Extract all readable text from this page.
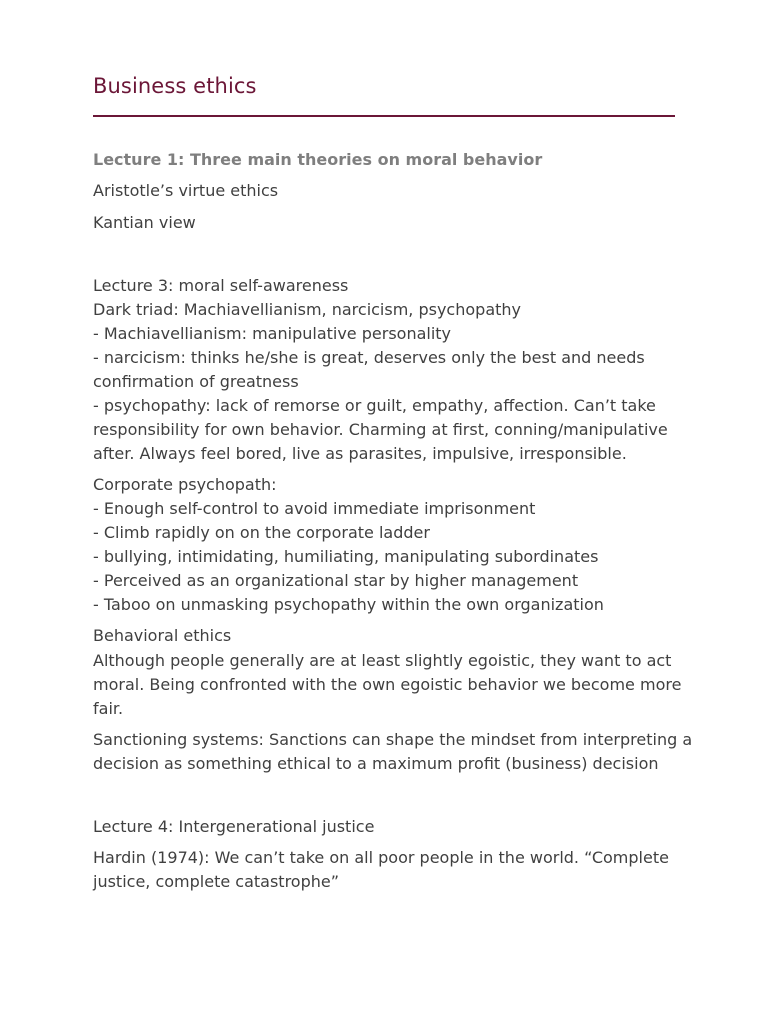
Business ethics
Lecture 1: Three main theories on moral behavior
Aristotle’s virtue ethics
Kantian view
Lecture 3: moral self-awareness
Dark triad: Machiavellianism, narcicism, psychopathy
- Machiavellianism: manipulative personality
- narcicism: thinks he/she is great, deserves only the best and needs
confirmation of greatness
- psychopathy: lack of remorse or guilt, empathy, affection. Can’t take
responsibility for own behavior. Charming at first, conning/manipulative
after. Always feel bored, live as parasites, impulsive, irresponsible.
Corporate psychopath:
- Enough self-control to avoid immediate imprisonment
- Climb rapidly on on the corporate ladder
- bullying, intimidating, humiliating, manipulating subordinates
- Perceived as an organizational star by higher management
- Taboo on unmasking psychopathy within the own organization
Behavioral ethics
Although people generally are at least slightly egoistic, they want to act
moral. Being confronted with the own egoistic behavior we become more
fair.
Sanctioning systems: Sanctions can shape the mindset from interpreting a
decision as something ethical to a maximum profit (business) decision
Lecture 4: Intergenerational justice
Hardin (1974): We can’t take on all poor people in the world. “Complete
justice, complete catastrophe”
